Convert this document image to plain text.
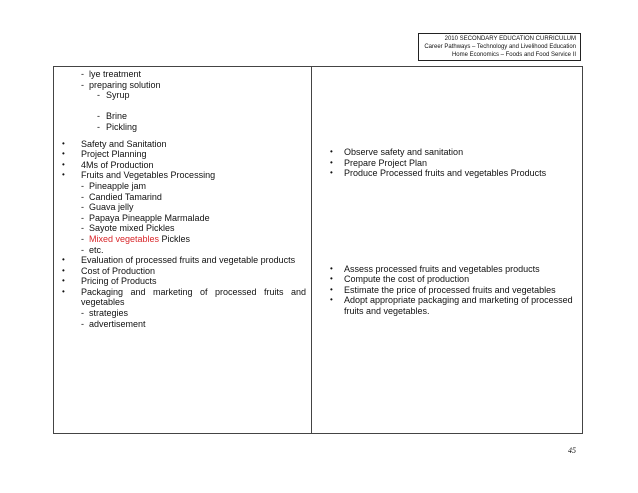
2010 SECONDARY EDUCATION CURRICULUM
Career Pathways – Technology and Livelihood Education
Home Economics – Foods and Food Service II
- lye treatment
- preparing solution
- Syrup
- Brine
- Pickling
• Safety and Sanitation
• Project Planning
• 4Ms of Production
• Fruits and Vegetables Processing
- Pineapple jam
- Candied Tamarind
- Guava jelly
- Papaya Pineapple Marmalade
- Sayote mixed Pickles
- Mixed vegetables Pickles
- etc.
• Evaluation of processed fruits and vegetable products
• Cost of Production
• Pricing of Products
• Packaging and marketing of processed fruits and
vegetables
- strategies
- advertisement
• Observe safety and sanitation
• Prepare Project Plan
• Produce Processed fruits and vegetables Products
• Assess processed fruits and vegetables products
• Compute the cost of production
• Estimate the price of processed fruits and vegetables
• Adopt appropriate packaging and marketing of processed
fruits and vegetables.
45
